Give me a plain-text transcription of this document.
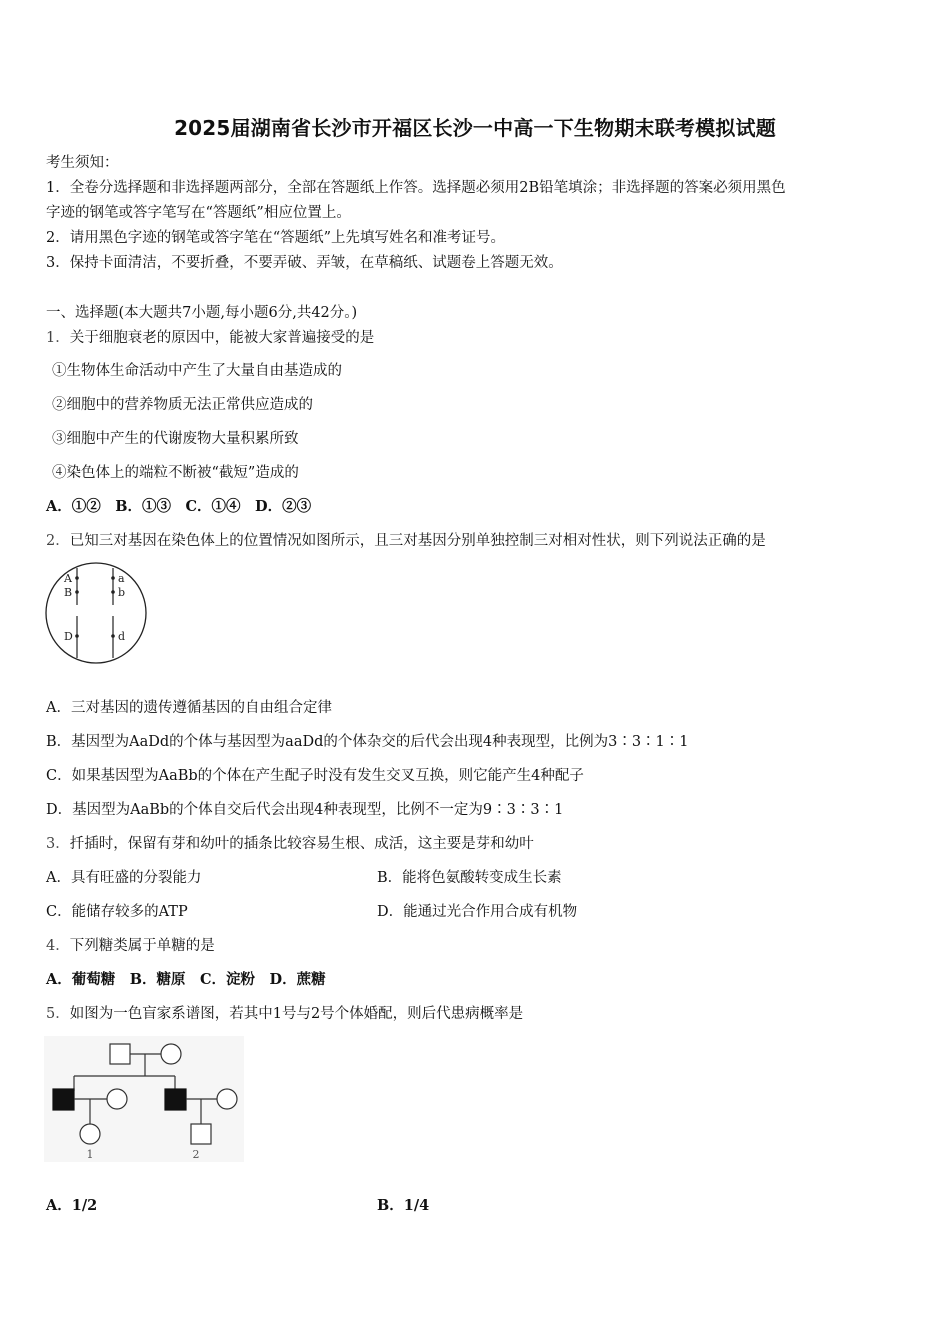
2025届湖南省长沙市开福区长沙一中高一下生物期末联考模拟试题
考生须知：
1．全卷分选择题和非选择题两部分，全部在答题纸上作答。选择题必须用2B铅笔填涂；非选择题的答案必须用黑色
字迹的钢笔或答字笔写在“答题纸”相应位置上。
2．请用黑色字迹的钢笔或答字笔在“答题纸”上先填写姓名和准考证号。
3．保持卡面清洁，不要折叠，不要弄破、弄皱，在草稿纸、试题卷上答题无效。
一、选择题(本大题共7小题,每小题6分,共42分。)
1．关于细胞衰老的原因中，能被大家普遍接受的是
①生物体生命活动中产生了大量自由基造成的
②细胞中的营养物质无法正常供应造成的
③细胞中产生的代谢废物大量积累所致
④染色体上的端粒不断被“截短”造成的
A．①②　B．①③　C．①④　D．②③
2．已知三对基因在染色体上的位置情况如图所示，且三对基因分别单独控制三对相对性状，则下列说法正确的是
A
B
D
a
b
d
A．三对基因的遗传遵循基因的自由组合定律
B．基因型为AaDd的个体与基因型为aaDd的个体杂交的后代会出现4种表现型，比例为3∶3∶1∶1
C．如果基因型为AaBb的个体在产生配子时没有发生交叉互换，则它能产生4种配子
D．基因型为AaBb的个体自交后代会出现4种表现型，比例不一定为9∶3∶3∶1
3．扦插时，保留有芽和幼叶的插条比较容易生根、成活，这主要是芽和幼叶
A．具有旺盛的分裂能力	B．能将色氨酸转变成生长素
C．能储存较多的ATP	D．能通过光合作用合成有机物
4．下列糖类属于单糖的是
A．葡萄糖　B．糖原　C．淀粉　D．蔗糖
5．如图为一色盲家系谱图，若其中1号与2号个体婚配，则后代患病概率是
1	2
A．1/2	B．1/4
